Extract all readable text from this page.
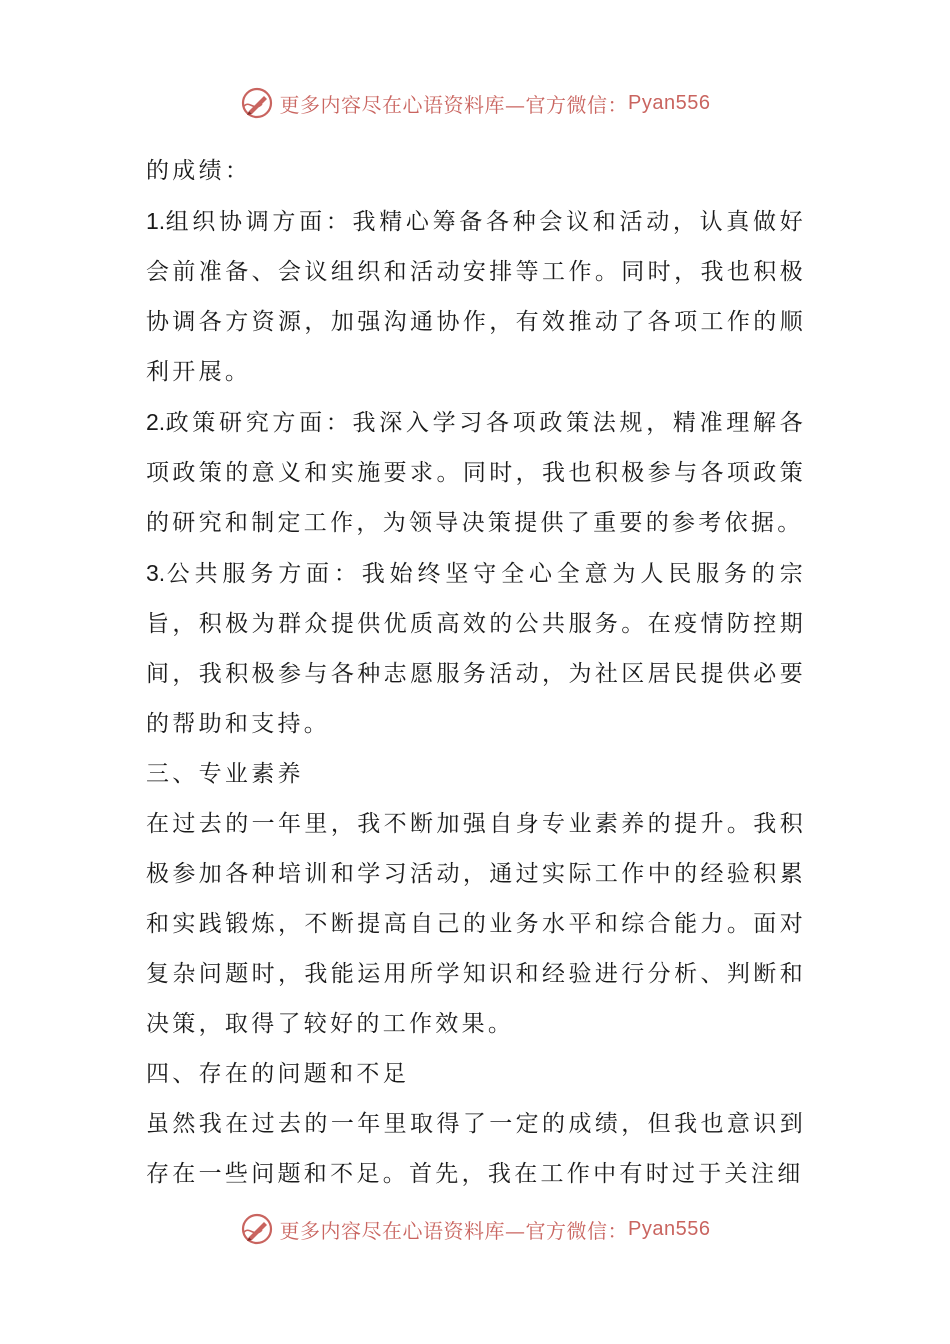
更多内容尽在心语资料库—官方微信： Pyan556

的成绩：

1.组织协调方面：我精心筹备各种会议和活动，认真做好会前准备、会议组织和活动安排等工作。同时，我也积极协调各方资源，加强沟通协作，有效推动了各项工作的顺利开展。

2.政策研究方面：我深入学习各项政策法规，精准理解各项政策的意义和实施要求。同时，我也积极参与各项政策的研究和制定工作，为领导决策提供了重要的参考依据。

3.公共服务方面：我始终坚守全心全意为人民服务的宗旨，积极为群众提供优质高效的公共服务。在疫情防控期间，我积极参与各种志愿服务活动，为社区居民提供必要的帮助和支持。

三、专业素养

在过去的一年里，我不断加强自身专业素养的提升。我积极参加各种培训和学习活动，通过实际工作中的经验积累和实践锻炼，不断提高自己的业务水平和综合能力。面对复杂问题时，我能运用所学知识和经验进行分析、判断和决策，取得了较好的工作效果。

四、存在的问题和不足

虽然我在过去的一年里取得了一定的成绩，但我也意识到存在一些问题和不足。首先，我在工作中有时过于关注细

更多内容尽在心语资料库—官方微信： Pyan556
